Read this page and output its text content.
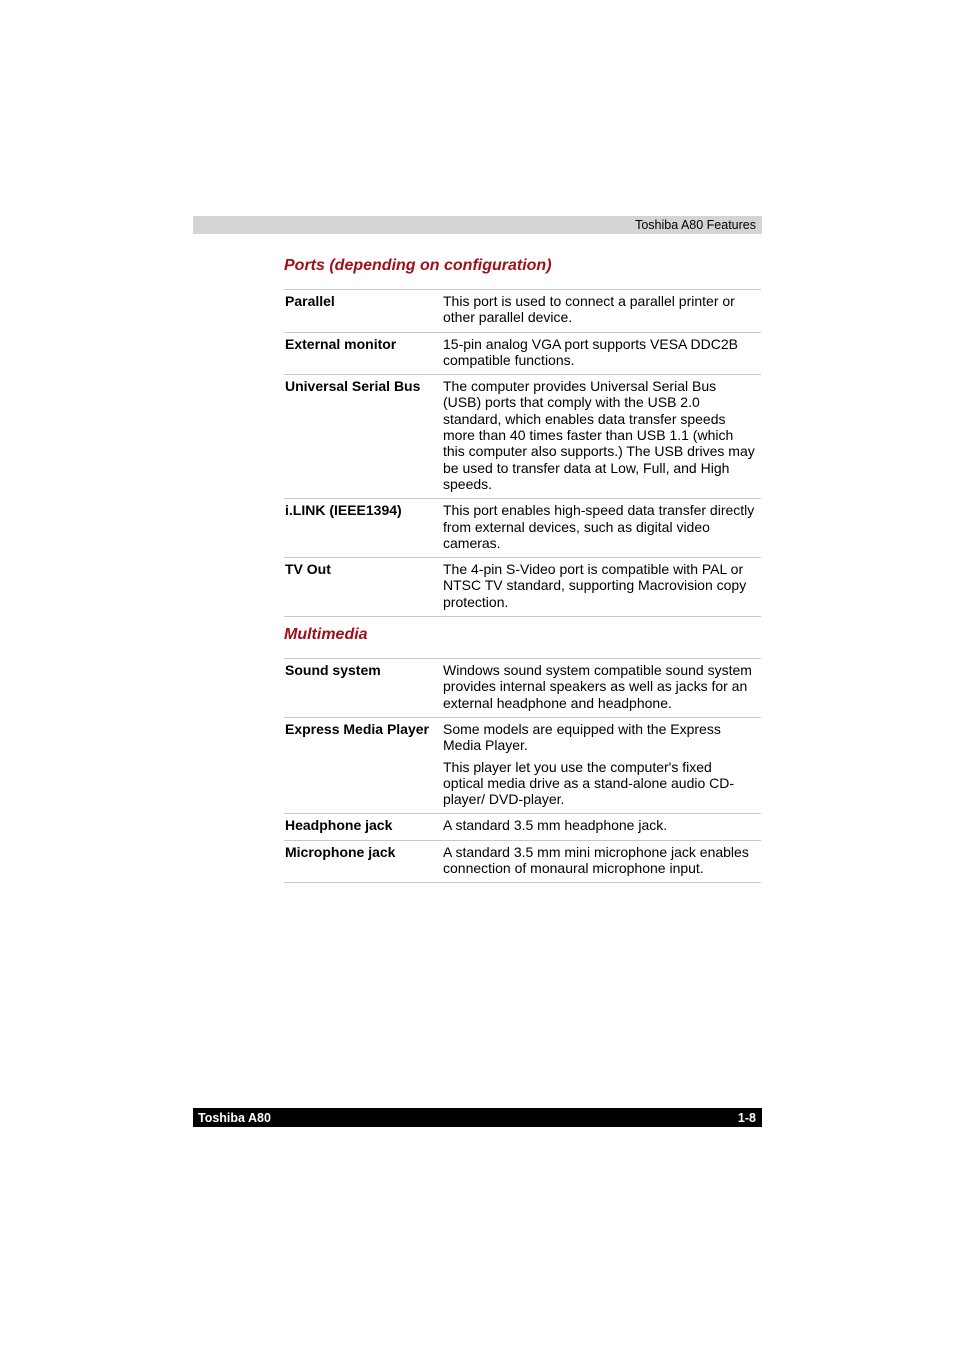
Toshiba A80 Features
Ports (depending on configuration)
Parallel	This port is used to connect a parallel printer or other parallel device.

External monitor	15-pin analog VGA port supports VESA DDC2B compatible functions.

Universal Serial Bus	The computer provides Universal Serial Bus (USB) ports that comply with the USB 2.0 standard, which enables data transfer speeds more than 40 times faster than USB 1.1 (which this computer also supports.) The USB drives may be used to transfer data at Low, Full, and High speeds.

i.LINK (IEEE1394)	This port enables high-speed data transfer directly from external devices, such as digital video cameras.

TV Out	The 4-pin S-Video port is compatible with PAL or NTSC TV standard, supporting Macrovision copy protection.

Multimedia
Sound system	Windows sound system compatible sound system provides internal speakers as well as jacks for an external headphone and headphone.

Express Media Player	Some models are equipped with the Express Media Player.

This player let you use the computer's fixed optical media drive as a stand-alone audio CD-player/ DVD-player.

Headphone jack	A standard 3.5 mm headphone jack.

Microphone jack	A standard 3.5 mm mini microphone jack enables connection of monaural microphone input.

Toshiba A80	1-8
